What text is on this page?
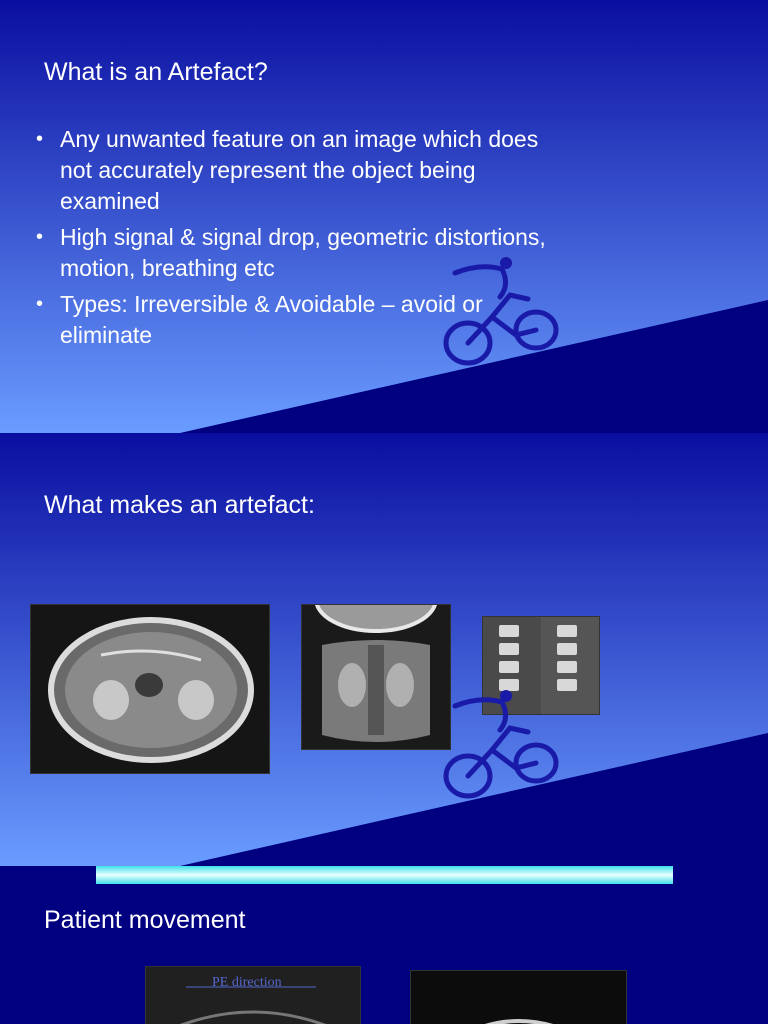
What is an Artefact?
• Any unwanted feature on an image which does not accurately represent the object being examined
• High signal & signal drop, geometric distortions, motion, breathing etc
• Types: Irreversible & Avoidable – avoid or eliminate
What makes an artefact:
Patient movement
PE direction
